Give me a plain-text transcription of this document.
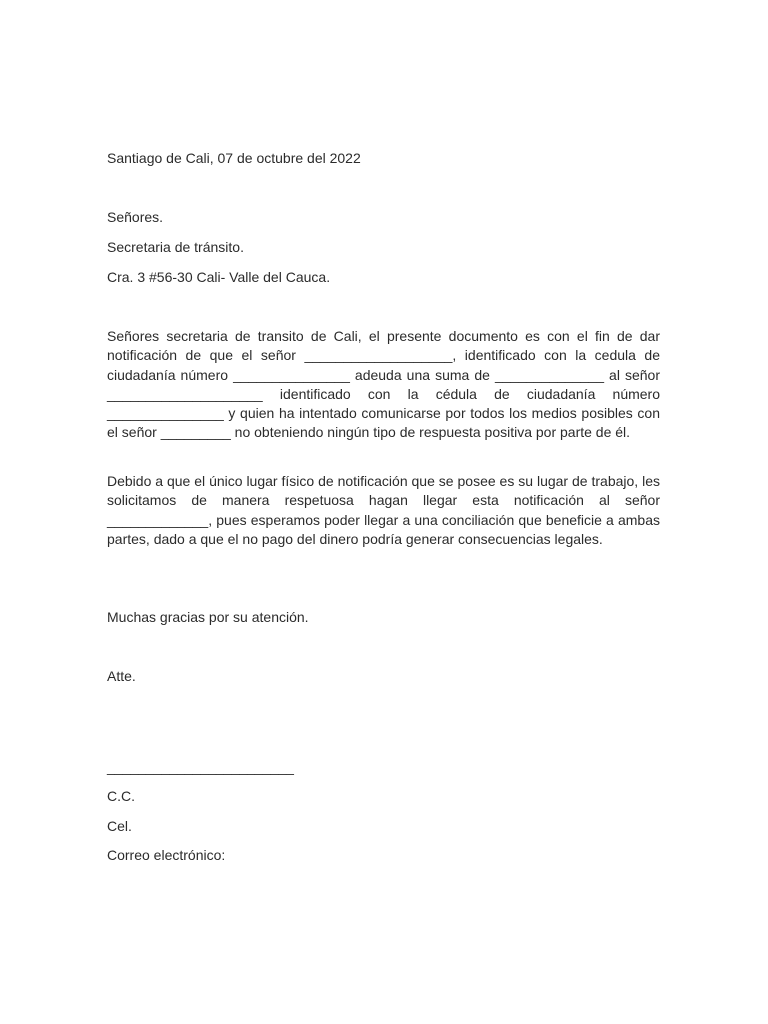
Santiago de Cali, 07 de octubre del 2022
Señores.
Secretaria de tránsito.
Cra. 3 #56-30 Cali- Valle del Cauca.
Señores secretaria de transito de Cali, el presente documento es con el fin de dar notificación de que el señor ___________________, identificado con la cedula de ciudadanía número _______________ adeuda una suma de ______________ al señor ____________________ identificado con la cédula de ciudadanía número _______________ y quien ha intentado comunicarse por todos los medios posibles con el señor _________ no obteniendo ningún tipo de respuesta positiva por parte de él.
Debido a que el único lugar físico de notificación que se posee es su lugar de trabajo, les solicitamos de manera respetuosa hagan llegar esta notificación al señor _____________, pues esperamos poder llegar a una conciliación que beneficie a ambas partes, dado a que el no pago del dinero podría generar consecuencias legales.
Muchas gracias por su atención.
Atte.
________________________
C.C.
Cel.
Correo electrónico:
